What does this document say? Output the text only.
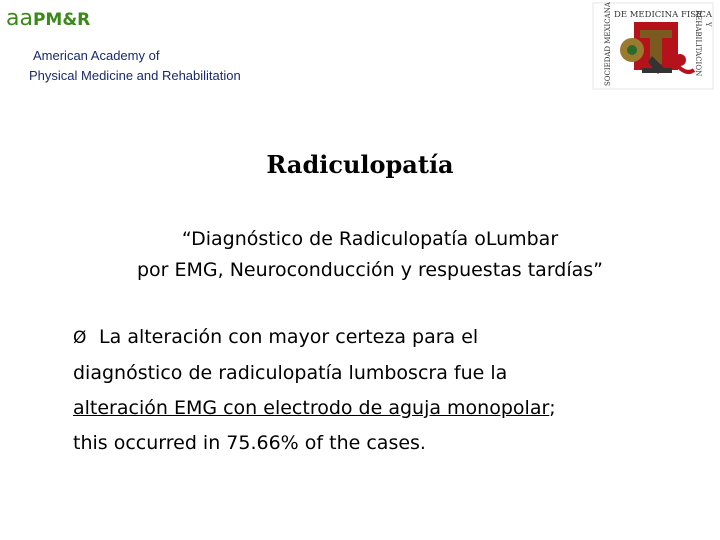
aaPM&R
American Academy of
Physical Medicine and Rehabilitation
DE MEDICINA FISICA
SOCIEDAD MEXICANA	REHABILITACION Y
Radiculopatía
“Diagnóstico de Radiculopatía oLumbar
por EMG, Neuroconducción y respuestas tardías”
Ø La alteración con mayor certeza para el
diagnóstico de radiculopatía lumboscra fue la
alteración EMG con electrodo de aguja monopolar;
this occurred in 75.66% of the cases.
